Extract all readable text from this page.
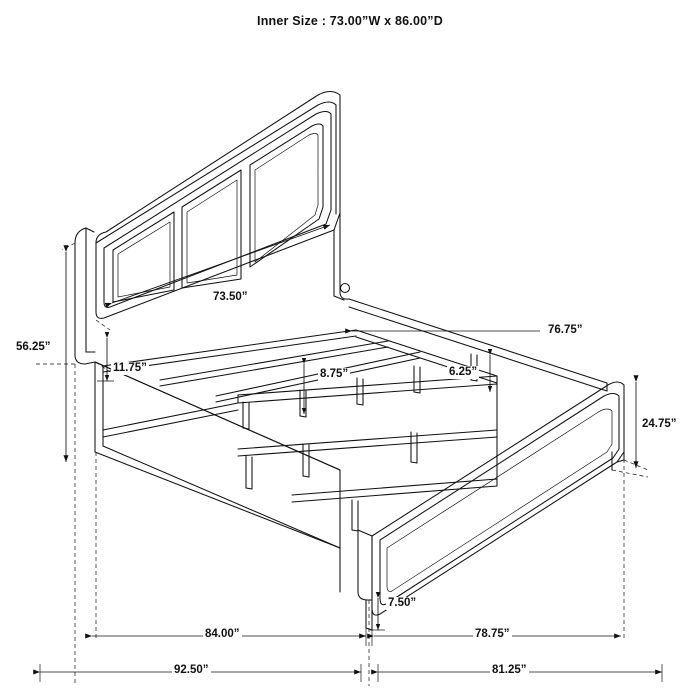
Inner Size : 73.00”W x 86.00”D
56.25”
11.75”
73.50”
76.75”
8.75”	6.25”
24.75”
7.50”
84.00”	78.75”
92.50”	81.25”
